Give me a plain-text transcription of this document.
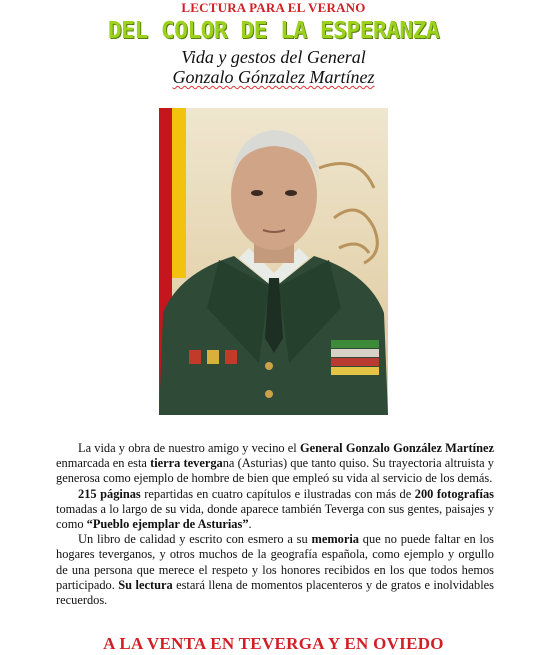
LECTURA PARA EL VERANO
DEL COLOR DE LA ESPERANZA
Vida y gestos del General
Gonzalo Gónzalez Martínez

La vida y obra de nuestro amigo y vecino el General Gonzalo González Martínez enmarcada en esta tierra tevergana (Asturias) que tanto quiso. Su trayectoria altruista y generosa como ejemplo de hombre de bien que empleó su vida al servicio de los demás.

215 páginas repartidas en cuatro capítulos e ilustradas con más de 200 fotografías tomadas a lo largo de su vida, donde aparece también Teverga con sus gentes, paisajes y como “Pueblo ejemplar de Asturias”.

Un libro de calidad y escrito con esmero a su memoria que no puede faltar en los hogares teverganos, y otros muchos de la geografía española, como ejemplo y orgullo de una persona que merece el respeto y los honores recibidos en los que todos hemos participado. Su lectura estará llena de momentos placenteros y de gratos e inolvidables recuerdos.

A LA VENTA EN TEVERGA Y EN OVIEDO
